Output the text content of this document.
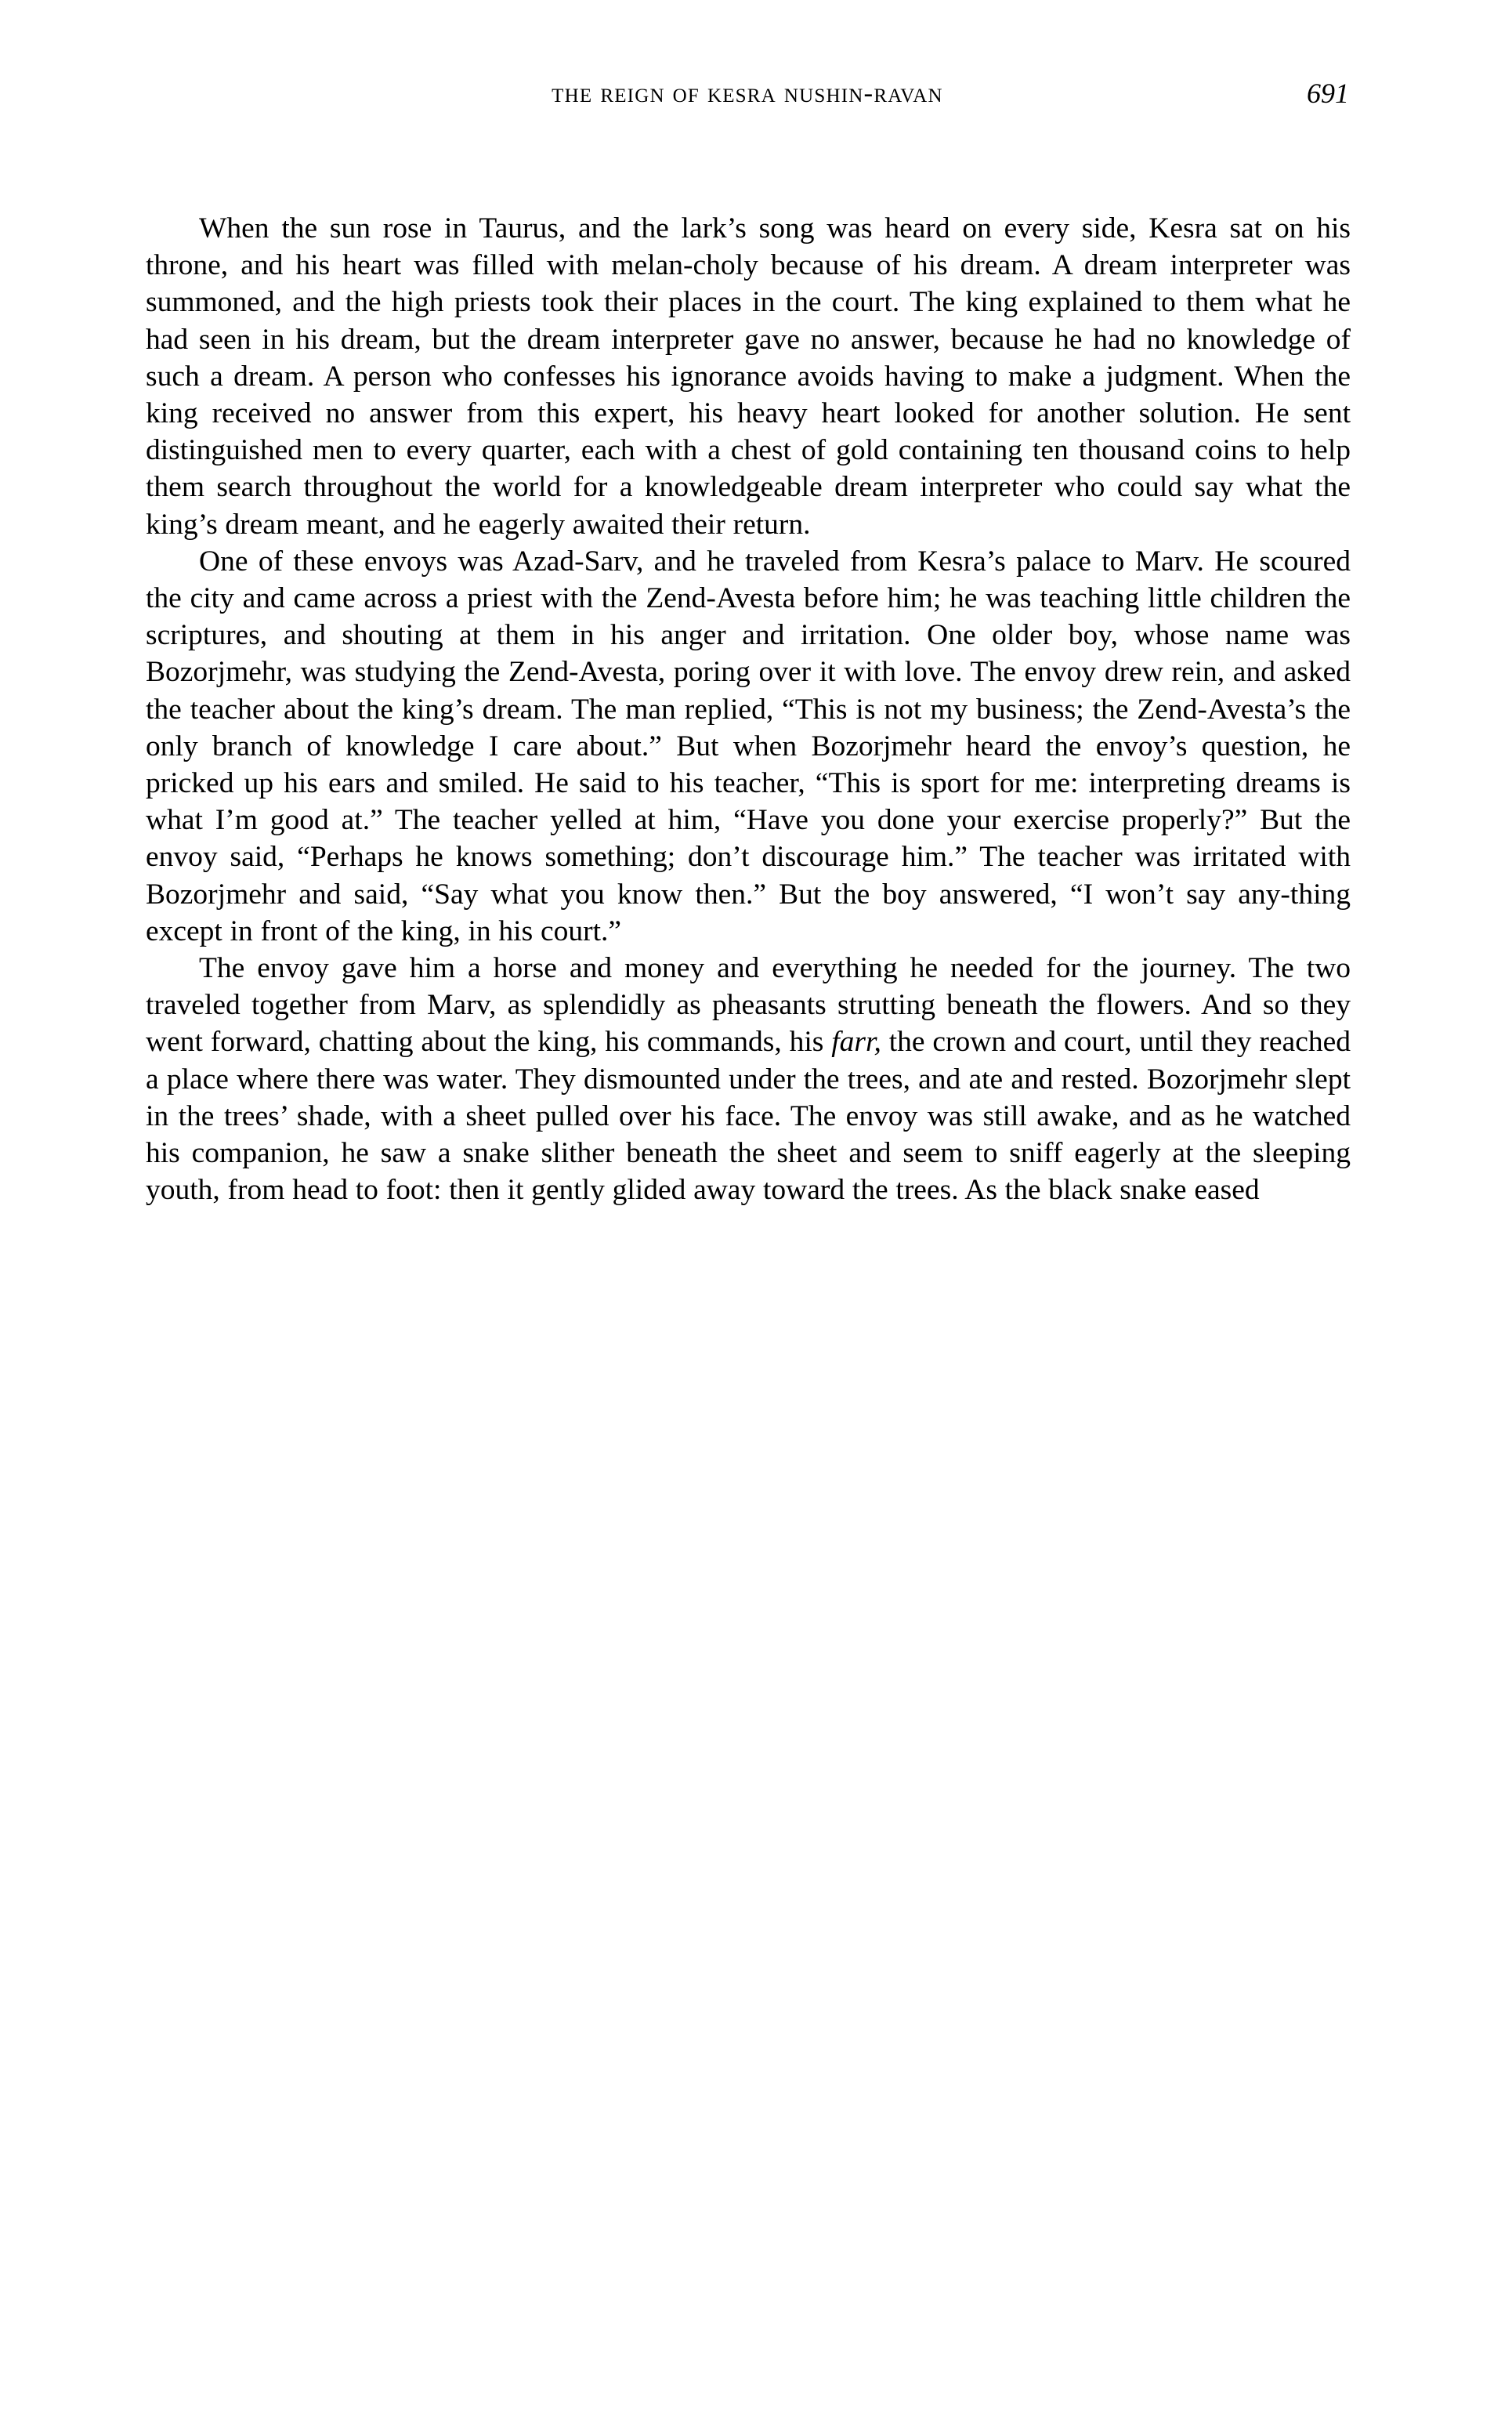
the reign of kesra nushin-ravan	691

When the sun rose in Taurus, and the lark’s song was heard on every side, Kesra sat on his throne, and his heart was filled with melan‐choly because of his dream. A dream interpreter was summoned, and the high priests took their places in the court. The king explained to them what he had seen in his dream, but the dream interpreter gave no answer, because he had no knowledge of such a dream. A person who confesses his ignorance avoids having to make a judgment. When the king received no answer from this expert, his heavy heart looked for another solution. He sent distinguished men to every quarter, each with a chest of gold containing ten thousand coins to help them search throughout the world for a knowledgeable dream interpreter who could say what the king’s dream meant, and he eagerly awaited their return.

One of these envoys was Azad-Sarv, and he traveled from Kesra’s palace to Marv. He scoured the city and came across a priest with the Zend-Avesta before him; he was teaching little children the scriptures, and shouting at them in his anger and irritation. One older boy, whose name was Bozorjmehr, was studying the Zend-Avesta, poring over it with love. The envoy drew rein, and asked the teacher about the king’s dream. The man replied, “This is not my business; the Zend-Avesta’s the only branch of knowledge I care about.” But when Bozorjmehr heard the envoy’s question, he pricked up his ears and smiled. He said to his teacher, “This is sport for me: interpreting dreams is what I’m good at.” The teacher yelled at him, “Have you done your exercise properly?” But the envoy said, “Perhaps he knows something; don’t discourage him.” The teacher was irritated with Bozorjmehr and said, “Say what you know then.” But the boy answered, “I won’t say any‐thing except in front of the king, in his court.”

The envoy gave him a horse and money and everything he needed for the journey. The two traveled together from Marv, as splendidly as pheasants strutting beneath the flowers. And so they went forward, chatting about the king, his commands, his farr, the crown and court, until they reached a place where there was water. They dismounted under the trees, and ate and rested. Bozorjmehr slept in the trees’ shade, with a sheet pulled over his face. The envoy was still awake, and as he watched his companion, he saw a snake slither beneath the sheet and seem to sniff eagerly at the sleeping youth, from head to foot: then it gently glided away toward the trees. As the black snake eased
